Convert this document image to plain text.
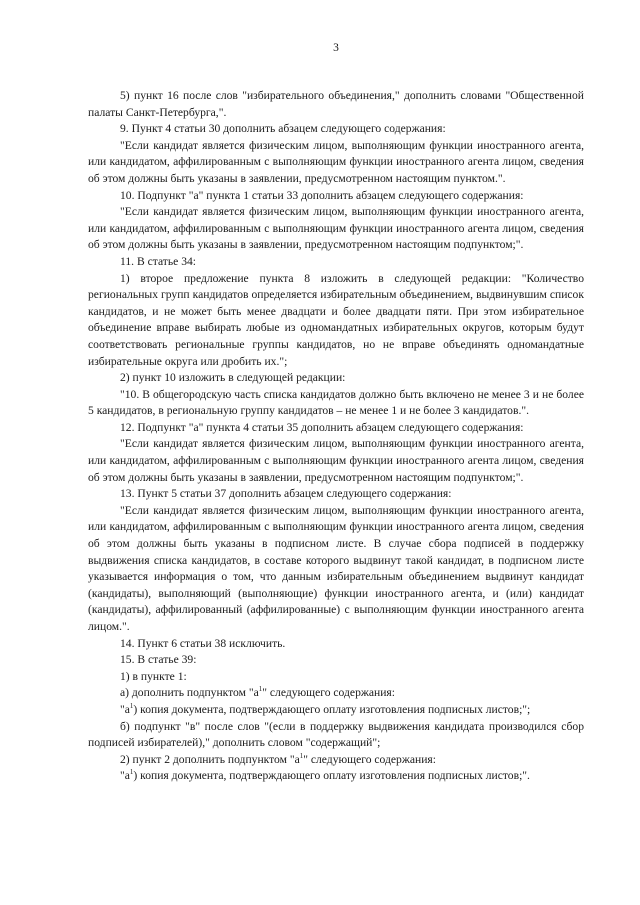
3

5) пункт 16 после слов "избирательного объединения," дополнить словами "Общественной палаты Санкт-Петербурга,".

9. Пункт 4 статьи 30 дополнить абзацем следующего содержания:

"Если кандидат является физическим лицом, выполняющим функции иностранного агента, или кандидатом, аффилированным с выполняющим функции иностранного агента лицом, сведения об этом должны быть указаны в заявлении, предусмотренном настоящим пунктом.".

10. Подпункт "а" пункта 1 статьи 33 дополнить абзацем следующего содержания:

"Если кандидат является физическим лицом, выполняющим функции иностранного агента, или кандидатом, аффилированным с выполняющим функции иностранного агента лицом, сведения об этом должны быть указаны в заявлении, предусмотренном настоящим подпунктом;".

11. В статье 34:

1) второе предложение пункта 8 изложить в следующей редакции: "Количество региональных групп кандидатов определяется избирательным объединением, выдвинувшим список кандидатов, и не может быть менее двадцати и более двадцати пяти. При этом избирательное объединение вправе выбирать любые из одномандатных избирательных округов, которым будут соответствовать региональные группы кандидатов, но не вправе объединять одномандатные избирательные округа или дробить их.";

2) пункт 10 изложить в следующей редакции:

"10. В общегородскую часть списка кандидатов должно быть включено не менее 3 и не более 5 кандидатов, в региональную группу кандидатов – не менее 1 и не более 3 кандидатов.".

12. Подпункт "а" пункта 4 статьи 35 дополнить абзацем следующего содержания:

"Если кандидат является физическим лицом, выполняющим функции иностранного агента, или кандидатом, аффилированным с выполняющим функции иностранного агента лицом, сведения об этом должны быть указаны в заявлении, предусмотренном настоящим подпунктом;".

13. Пункт 5 статьи 37 дополнить абзацем следующего содержания:

"Если кандидат является физическим лицом, выполняющим функции иностранного агента, или кандидатом, аффилированным с выполняющим функции иностранного агента лицом, сведения об этом должны быть указаны в подписном листе. В случае сбора подписей в поддержку выдвижения списка кандидатов, в составе которого выдвинут такой кандидат, в подписном листе указывается информация о том, что данным избирательным объединением выдвинут кандидат (кандидаты), выполняющий (выполняющие) функции иностранного агента, и (или) кандидат (кандидаты), аффилированный (аффилированные) с выполняющим функции иностранного агента лицом.".

14. Пункт 6 статьи 38 исключить.

15. В статье 39:

1) в пункте 1:

а) дополнить подпунктом "$а^1$" следующего содержания:

"$а^1$) копия документа, подтверждающего оплату изготовления подписных листов;";

б) подпункт "в" после слов "(если в поддержку выдвижения кандидата производился сбор подписей избирателей)," дополнить словом "содержащий";

2) пункт 2 дополнить подпунктом "$а^1$" следующего содержания:

"$а^1$) копия документа, подтверждающего оплату изготовления подписных листов;".
